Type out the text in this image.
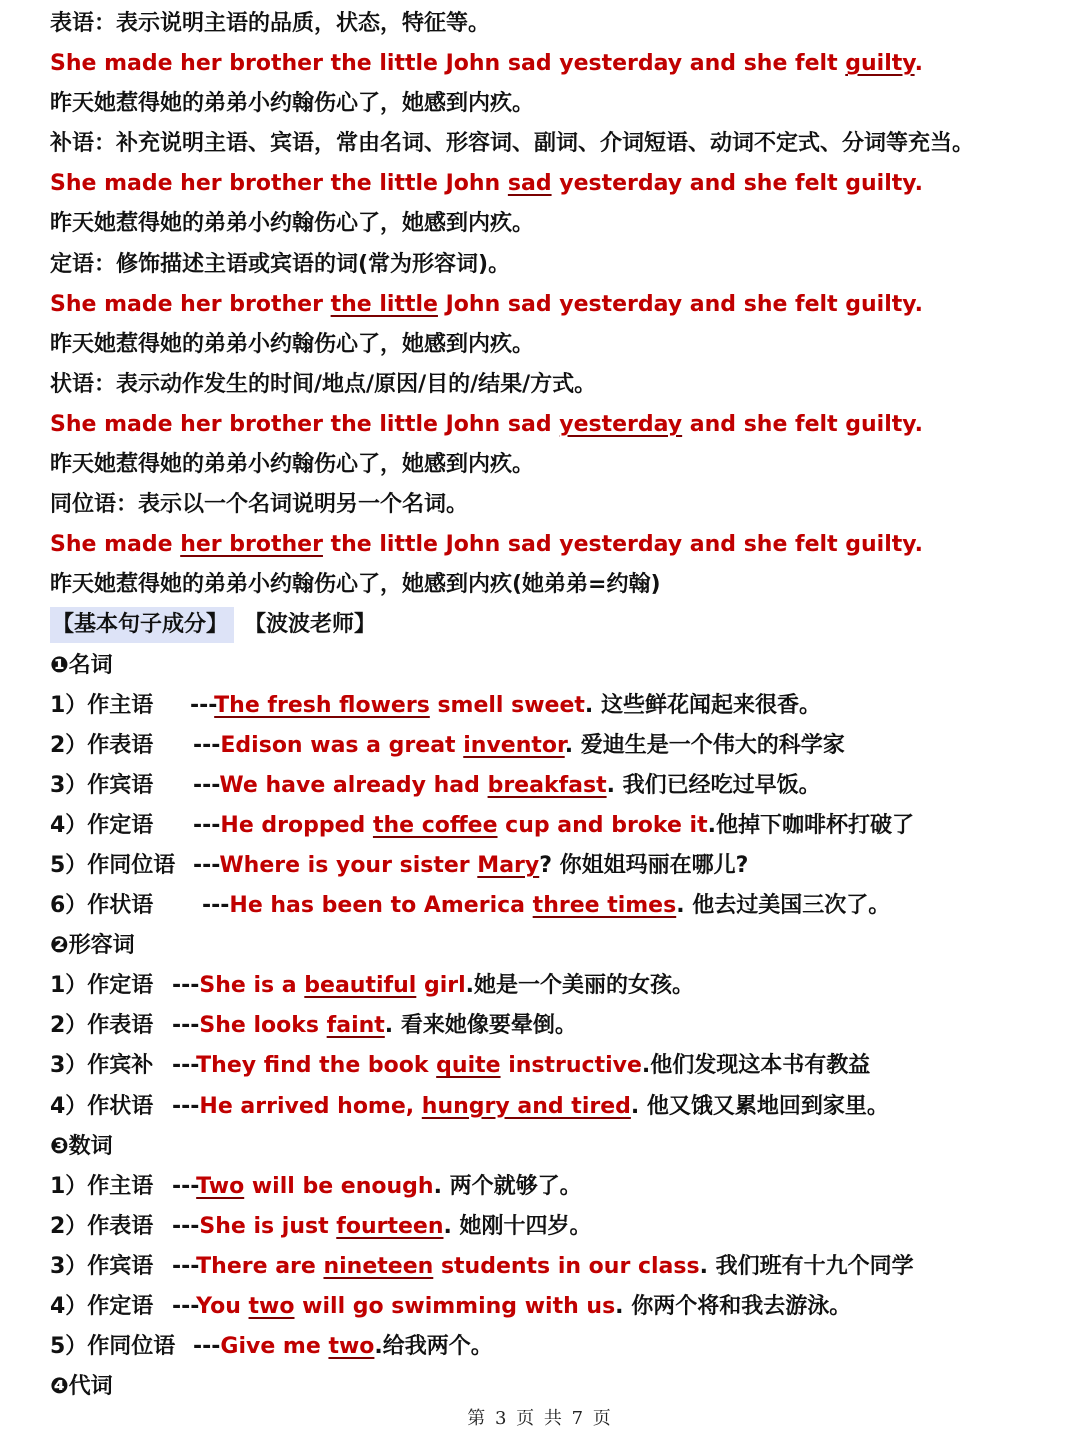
表语：表示说明主语的品质，状态，特征等。
She made her brother the little John sad yesterday and she felt guilty.
昨天她惹得她的弟弟小约翰伤心了，她感到内疚。
补语：补充说明主语、宾语，常由名词、形容词、副词、介词短语、动词不定式、分词等充当。
She made her brother the little John sad yesterday and she felt guilty.
昨天她惹得她的弟弟小约翰伤心了，她感到内疚。
定语：修饰描述主语或宾语的词(常为形容词)。
She made her brother the little John sad yesterday and she felt guilty.
昨天她惹得她的弟弟小约翰伤心了，她感到内疚。
状语：表示动作发生的时间/地点/原因/目的/结果/方式。
She made her brother the little John sad yesterday and she felt guilty.
昨天她惹得她的弟弟小约翰伤心了，她感到内疚。
同位语：表示以一个名词说明另一个名词。
She made her brother the little John sad yesterday and she felt guilty.
昨天她惹得她的弟弟小约翰伤心了，她感到内疚(她弟弟=约翰)
【基本句子成分】 【波波老师】
❶名词
1）作主语 ---The fresh flowers smell sweet. 这些鲜花闻起来很香。
2）作表语 ---Edison was a great inventor. 爱迪生是一个伟大的科学家
3）作宾语 ---We have already had breakfast. 我们已经吃过早饭。
4）作定语 ---He dropped the coffee cup and broke it.他掉下咖啡杯打破了
5）作同位语 ---Where is your sister Mary? 你姐姐玛丽在哪儿?
6）作状语 ---He has been to America three times. 他去过美国三次了。
❷形容词
1）作定语 ---She is a beautiful girl.她是一个美丽的女孩。
2）作表语 ---She looks faint. 看来她像要晕倒。
3）作宾补 ---They find the book quite instructive.他们发现这本书有教益
4）作状语 ---He arrived home, hungry and tired. 他又饿又累地回到家里。
❸数词
1）作主语 ---Two will be enough. 两个就够了。
2）作表语 ---She is just fourteen. 她刚十四岁。
3）作宾语 ---There are nineteen students in our class. 我们班有十九个同学
4）作定语 ---You two will go swimming with us. 你两个将和我去游泳。
5）作同位语 ---Give me two.给我两个。
❹代词
第 3 页 共 7 页
